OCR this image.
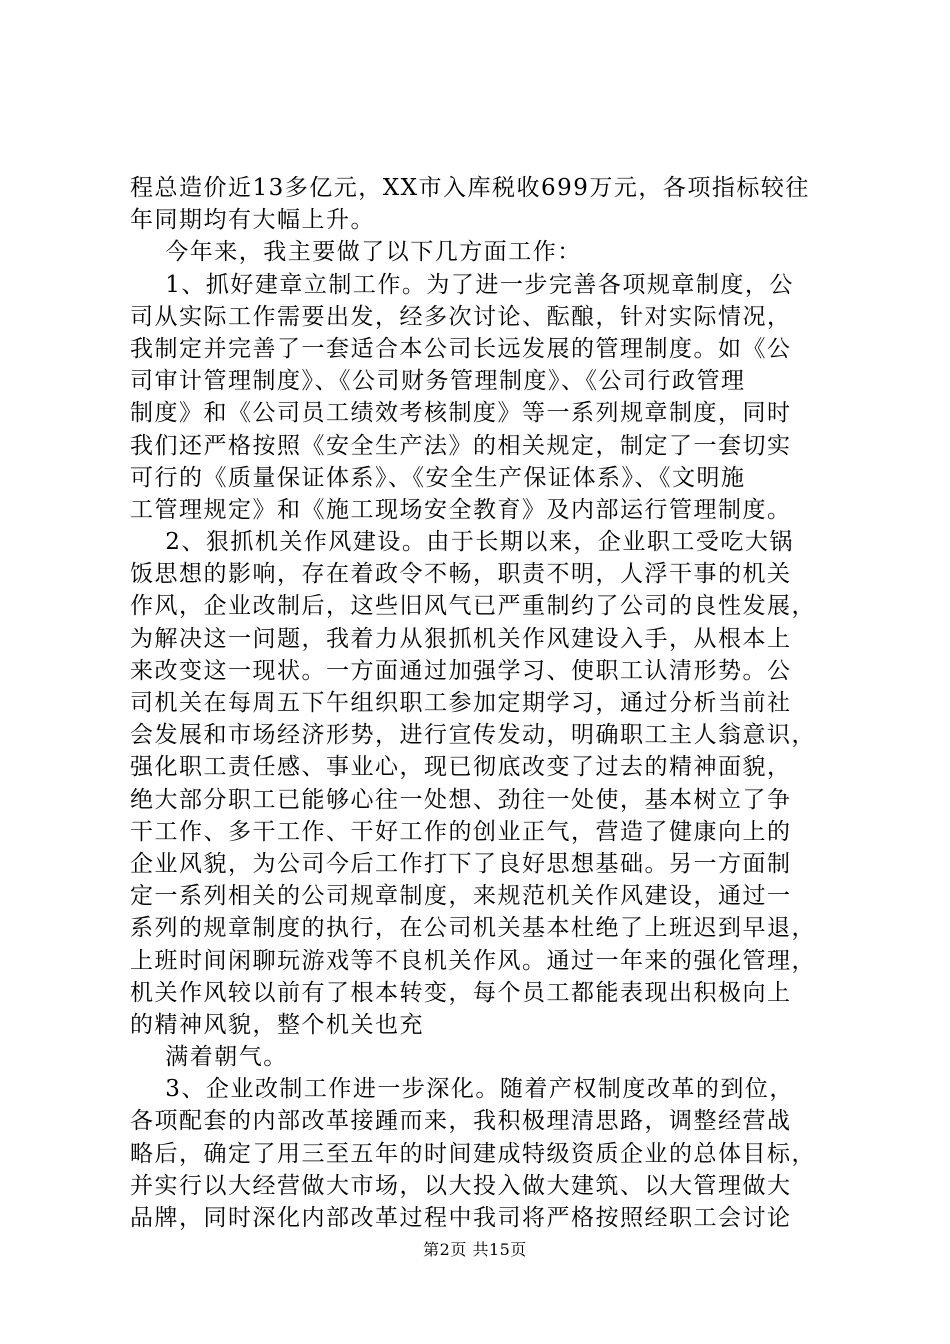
程总造价近13多亿元，XX市入库税收699万元，各项指标较往
年同期均有大幅上升。
今年来，我主要做了以下几方面工作：
1、抓好建章立制工作。为了进一步完善各项规章制度，公
司从实际工作需要出发，经多次讨论、酝酿，针对实际情况，
我制定并完善了一套适合本公司长远发展的管理制度。如《公
司审计管理制度》、《公司财务管理制度》、《公司行政管理
制度》和《公司员工绩效考核制度》等一系列规章制度，同时
我们还严格按照《安全生产法》的相关规定，制定了一套切实
可行的《质量保证体系》、《安全生产保证体系》、《文明施
工管理规定》和《施工现场安全教育》及内部运行管理制度。
2、狠抓机关作风建设。由于长期以来，企业职工受吃大锅
饭思想的影响，存在着政令不畅，职责不明，人浮干事的机关
作风，企业改制后，这些旧风气已严重制约了公司的良性发展，
为解决这一问题，我着力从狠抓机关作风建设入手，从根本上
来改变这一现状。一方面通过加强学习、使职工认清形势。公
司机关在每周五下午组织职工参加定期学习，通过分析当前社
会发展和市场经济形势，进行宣传发动，明确职工主人翁意识，
强化职工责任感、事业心，现已彻底改变了过去的精神面貌，
绝大部分职工已能够心往一处想、劲往一处使，基本树立了争
干工作、多干工作、干好工作的创业正气，营造了健康向上的
企业风貌，为公司今后工作打下了良好思想基础。另一方面制
定一系列相关的公司规章制度，来规范机关作风建设，通过一
系列的规章制度的执行，在公司机关基本杜绝了上班迟到早退，
上班时间闲聊玩游戏等不良机关作风。通过一年来的强化管理，
机关作风较以前有了根本转变，每个员工都能表现出积极向上
的精神风貌，整个机关也充
满着朝气。
3、企业改制工作进一步深化。随着产权制度改革的到位，
各项配套的内部改革接踵而来，我积极理清思路，调整经营战
略后，确定了用三至五年的时间建成特级资质企业的总体目标，
并实行以大经营做大市场，以大投入做大建筑、以大管理做大
品牌，同时深化内部改革过程中我司将严格按照经职工会讨论
第2页 共15页
